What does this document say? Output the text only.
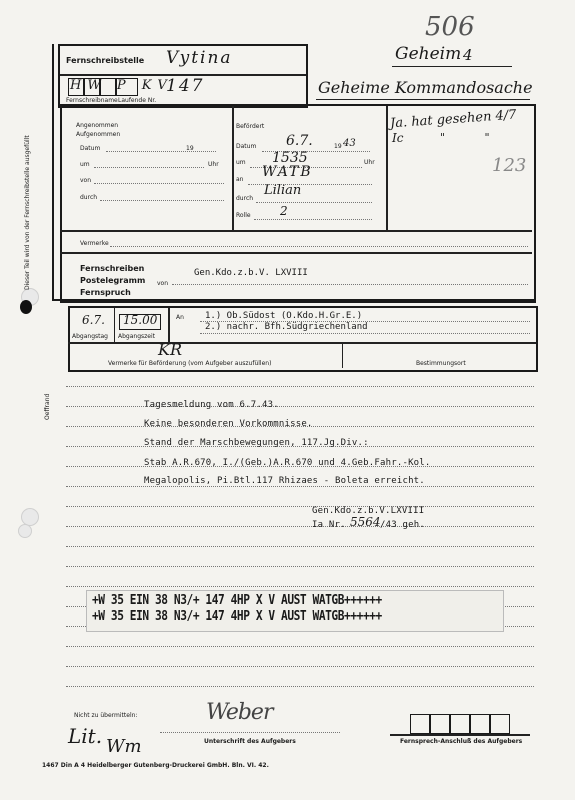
506
Geheim 4
Geheime Kommandosache
Fernschreibstelle Vytina
HW P KV
147
Fernschreibname Laufende Nr.
Dieser Teil wird von der Fernschreibstelle ausgefüllt
Angenommen
Aufgenommen
Datum	19
um	Uhr
von
durch
Befördert
Datum 6.7.	19 43
um 1535	Uhr
an WATB
durch
Lilian
Rolle 2
Ja. hat gesehen 4/7
Ic	" "
123
Vermerke
Fernschreiben
Postelegramm von
Fernspruch
Gen.Kdo.z.b.V. LXVIII
6.7. 15.00
Abgangstag Abgangszeit
An 1.) Ob.Südost (O.Kdo.H.Gr.E.)
2.) nachr. Bfh.Südgriechenland
KR
Vermerke für Beförderung (vom Aufgeber auszufüllen)	Bestimmungsort
Oeffrand	Tagesmeldung vom 6.7.43.
Keine besonderen Vorkommnisse.
Stand der Marschbewegungen, 117.Jg.Div.:
Stab A.R.670, I./(Geb.)A.R.670 und 4.Geb.Fahr.-Kol.
Megalopolis, Pi.Btl.117 Rhizaes - Boleta erreicht.
Gen.Kdo.z.b.V.LXVIII
Ia Nr. 5564 /43 geh.
+W 35 EIN 38 N3/+ 147 4HP X V AUST WATGB++++++
+W 35 EIN 38 N3/+ 147 4HP X V AUST WATGB++++++
Nicht zu übermitteln:	Weber
Unterschrift des Aufgebers
Lit. Wm	Fernsprech-Anschluß des Aufgebers
1467 Din A 4 Heidelberger Gutenberg-Druckerei GmbH. Bln. VI. 42.
